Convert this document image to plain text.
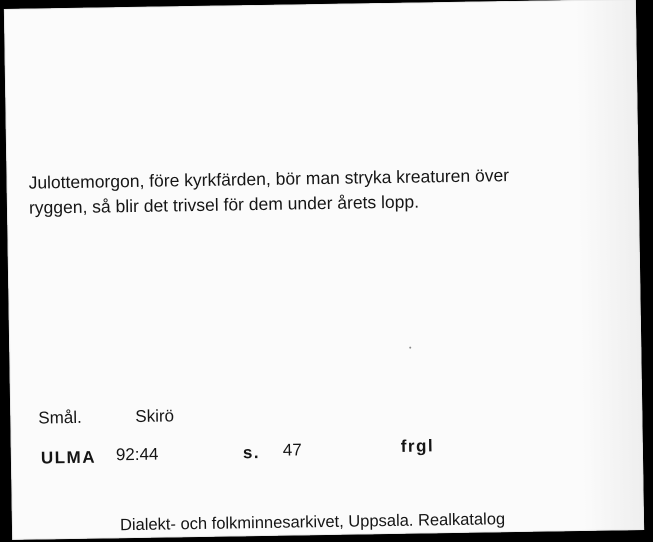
Julottemorgon, före kyrkfärden, bör man stryka kreaturen över
ryggen, så blir det trivsel för dem under årets lopp.
Smål.	Skirö
ULMA 92:44	s. 47	frgl
Dialekt- och folkminnesarkivet, Uppsala. Realkatalog
